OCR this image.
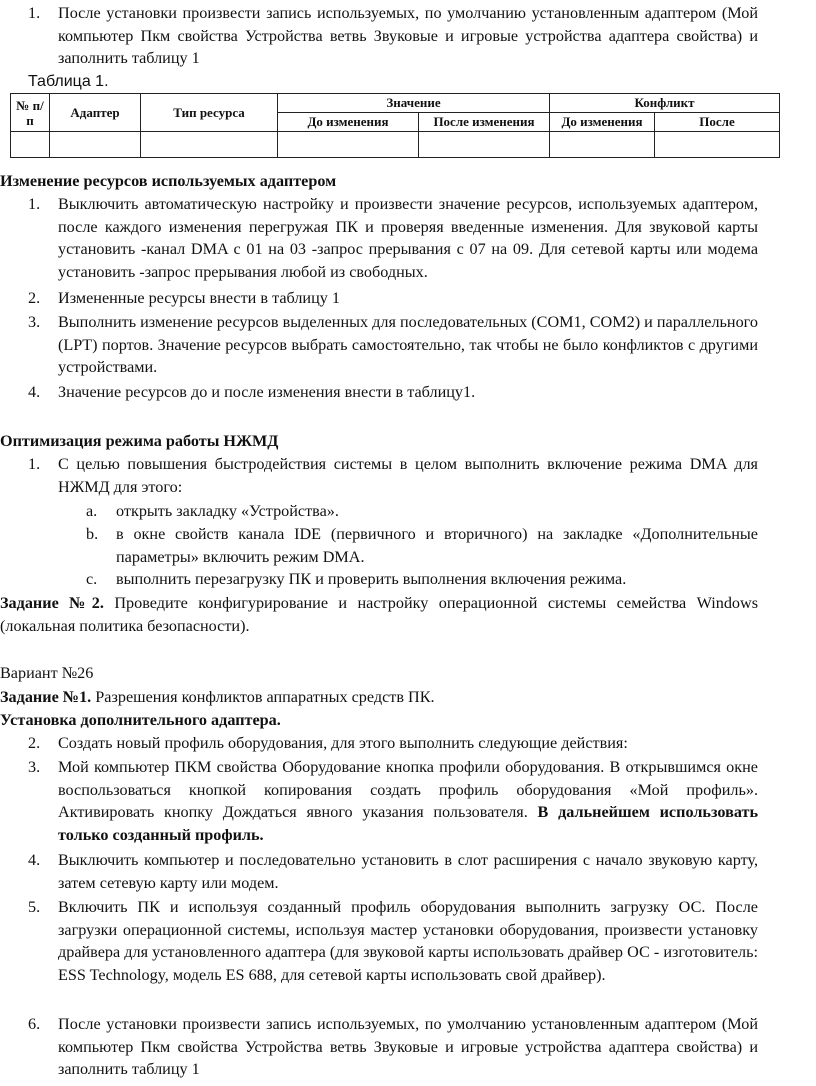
1. После установки произвести запись используемых, по умолчанию установленным адаптером (Мой компьютер Пкм свойства Устройства ветвь Звуковые и игровые устройства адаптера свойства) и заполнить таблицу 1
Таблица 1.
№ п/п	Адаптер	Тип ресурса	Значение		Конфликт	
			До изменения	После изменения	До изменения	После

Изменение ресурсов используемых адаптером
1. Выключить автоматическую настройку и произвести значение ресурсов, используемых адаптером, после каждого изменения перегружая ПК и проверяя введенные изменения. Для звуковой карты установить -канал DMA с 01 на 03 -запрос прерывания с 07 на 09. Для сетевой карты или модема установить -запрос прерывания любой из свободных.
2. Измененные ресурсы внести в таблицу 1
3. Выполнить изменение ресурсов выделенных для последовательных (COM1, COM2) и параллельного (LPT) портов. Значение ресурсов выбрать самостоятельно, так чтобы не было конфликтов с другими устройствами.
4. Значение ресурсов до и после изменения внести в таблицу1.
Оптимизация режима работы НЖМД
1. С целью повышения быстродействия системы в целом выполнить включение режима DMA для НЖМД для этого:
a. открыть закладку «Устройства».
b. в окне свойств канала IDE (первичного и вторичного) на закладке «Дополнительные параметры» включить режим DMA.
c. выполнить перезагрузку ПК и проверить выполнения включения режима.
Задание №2. Проведите конфигурирование и настройку операционной системы семейства Windows (локальная политика безопасности).
Вариант №26
Задание №1. Разрешения конфликтов аппаратных средств ПК.
Установка дополнительного адаптера.
2. Создать новый профиль оборудования, для этого выполнить следующие действия:
3. Мой компьютер ПКМ свойства Оборудование кнопка профили оборудования. В открывшимся окне воспользоваться кнопкой копирования создать профиль оборудования «Мой профиль». Активировать кнопку Дождаться явного указания пользователя. В дальнейшем использовать только созданный профиль.
4. Выключить компьютер и последовательно установить в слот расширения с начало звуковую карту, затем сетевую карту или модем.
5. Включить ПК и используя созданный профиль оборудования выполнить загрузку ОС. После загрузки операционной системы, используя мастер установки оборудования, произвести установку драйвера для установленного адаптера (для звуковой карты использовать драйвер ОС - изготовитель: ESS Technology, модель ES 688, для сетевой карты использовать свой драйвер).
6. После установки произвести запись используемых, по умолчанию установленным адаптером (Мой компьютер Пкм свойства Устройства ветвь Звуковые и игровые устройства адаптера свойства) и заполнить таблицу 1
